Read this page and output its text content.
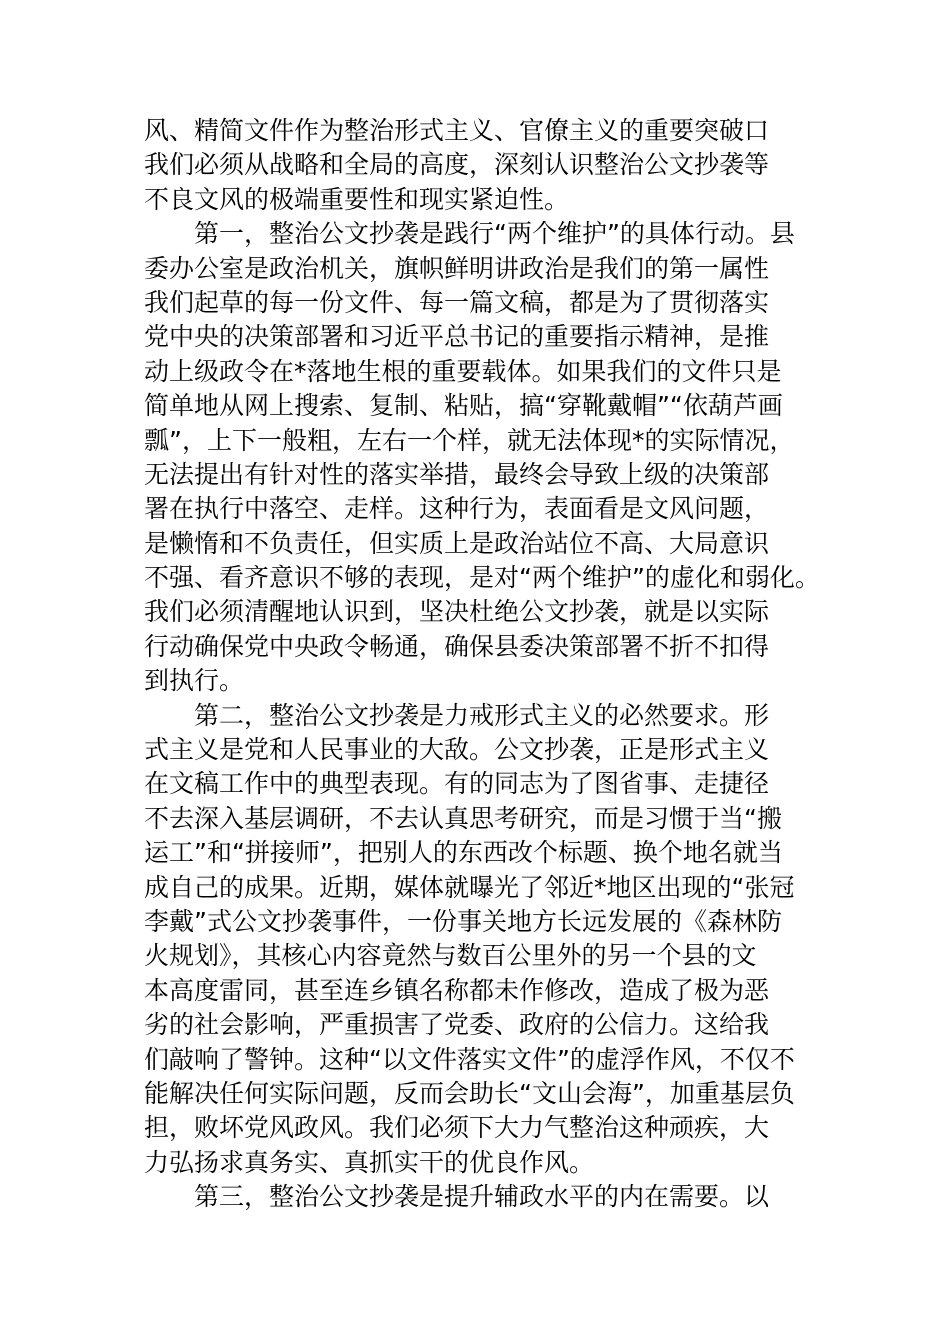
风、精简文件作为整治形式主义、官僚主义的重要突破口
我们必须从战略和全局的高度，深刻认识整治公文抄袭等
不良文风的极端重要性和现实紧迫性。
第一，整治公文抄袭是践行“两个维护”的具体行动。县
委办公室是政治机关，旗帜鲜明讲政治是我们的第一属性
我们起草的每一份文件、每一篇文稿，都是为了贯彻落实
党中央的决策部署和习近平总书记的重要指示精神，是推
动上级政令在*落地生根的重要载体。如果我们的文件只是
简单地从网上搜索、复制、粘贴，搞“穿靴戴帽”“依葫芦画
瓢”，上下一般粗，左右一个样，就无法体现*的实际情况，
无法提出有针对性的落实举措，最终会导致上级的决策部
署在执行中落空、走样。这种行为，表面看是文风问题，
是懒惰和不负责任，但实质上是政治站位不高、大局意识
不强、看齐意识不够的表现，是对“两个维护”的虚化和弱化。
我们必须清醒地认识到，坚决杜绝公文抄袭，就是以实际
行动确保党中央政令畅通，确保县委决策部署不折不扣得
到执行。
第二，整治公文抄袭是力戒形式主义的必然要求。形
式主义是党和人民事业的大敌。公文抄袭，正是形式主义
在文稿工作中的典型表现。有的同志为了图省事、走捷径
不去深入基层调研，不去认真思考研究，而是习惯于当“搬
运工”和“拼接师”，把别人的东西改个标题、换个地名就当
成自己的成果。近期，媒体就曝光了邻近*地区出现的“张冠
李戴”式公文抄袭事件，一份事关地方长远发展的《森林防
火规划》，其核心内容竟然与数百公里外的另一个县的文
本高度雷同，甚至连乡镇名称都未作修改，造成了极为恶
劣的社会影响，严重损害了党委、政府的公信力。这给我
们敲响了警钟。这种“以文件落实文件”的虚浮作风，不仅不
能解决任何实际问题，反而会助长“文山会海”，加重基层负
担，败坏党风政风。我们必须下大力气整治这种顽疾，大
力弘扬求真务实、真抓实干的优良作风。
第三，整治公文抄袭是提升辅政水平的内在需要。以
